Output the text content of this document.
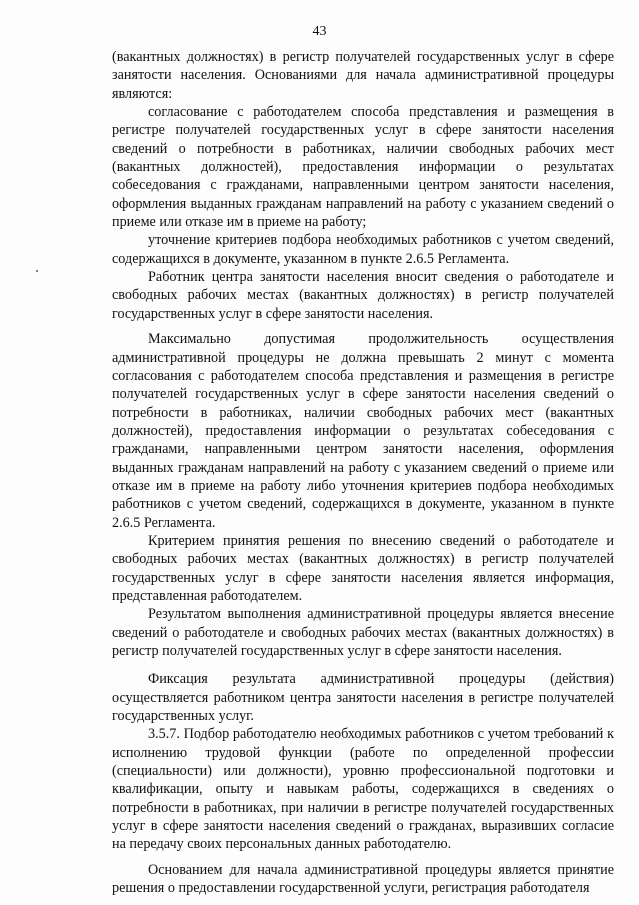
43

(вакантных должностях) в регистр получателей государственных услуг в сфере занятости населения. Основаниями для начала административной процедуры являются:

согласование с работодателем способа представления и размещения в регистре получателей государственных услуг в сфере занятости населения сведений о потребности в работниках, наличии свободных рабочих мест (вакантных должностей), предоставления информации о результатах собеседования с гражданами, направленными центром занятости населения, оформления выданных гражданам направлений на работу с указанием сведений о приеме или отказе им в приеме на работу;

уточнение критериев подбора необходимых работников с учетом сведений, содержащихся в документе, указанном в пункте 2.6.5 Регламента.

Работник центра занятости населения вносит сведения о работодателе и свободных рабочих местах (вакантных должностях) в регистр получателей государственных услуг в сфере занятости населения.

Максимально допустимая продолжительность осуществления административной процедуры не должна превышать 2 минут с момента согласования с работодателем способа представления и размещения в регистре получателей государственных услуг в сфере занятости населения сведений о потребности в работниках, наличии свободных рабочих мест (вакантных должностей), предоставления информации о результатах собеседования с гражданами, направленными центром занятости населения, оформления выданных гражданам направлений на работу с указанием сведений о приеме или отказе им в приеме на работу либо уточнения критериев подбора необходимых работников с учетом сведений, содержащихся в документе, указанном в пункте 2.6.5 Регламента.

Критерием принятия решения по внесению сведений о работодателе и свободных рабочих местах (вакантных должностях) в регистр получателей государственных услуг в сфере занятости населения является информация, представленная работодателем.

Результатом выполнения административной процедуры является внесение сведений о работодателе и свободных рабочих местах (вакантных должностях) в регистр получателей государственных услуг в сфере занятости населения.

Фиксация результата административной процедуры (действия) осуществляется работником центра занятости населения в регистре получателей государственных услуг.

3.5.7. Подбор работодателю необходимых работников с учетом требований к исполнению трудовой функции (работе по определенной профессии (специальности) или должности), уровню профессиональной подготовки и квалификации, опыту и навыкам работы, содержащихся в сведениях о потребности в работниках, при наличии в регистре получателей государственных услуг в сфере занятости населения сведений о гражданах, выразивших согласие на передачу своих персональных данных работодателю.

Основанием для начала административной процедуры является принятие решения о предоставлении государственной услуги, регистрация работодателя
